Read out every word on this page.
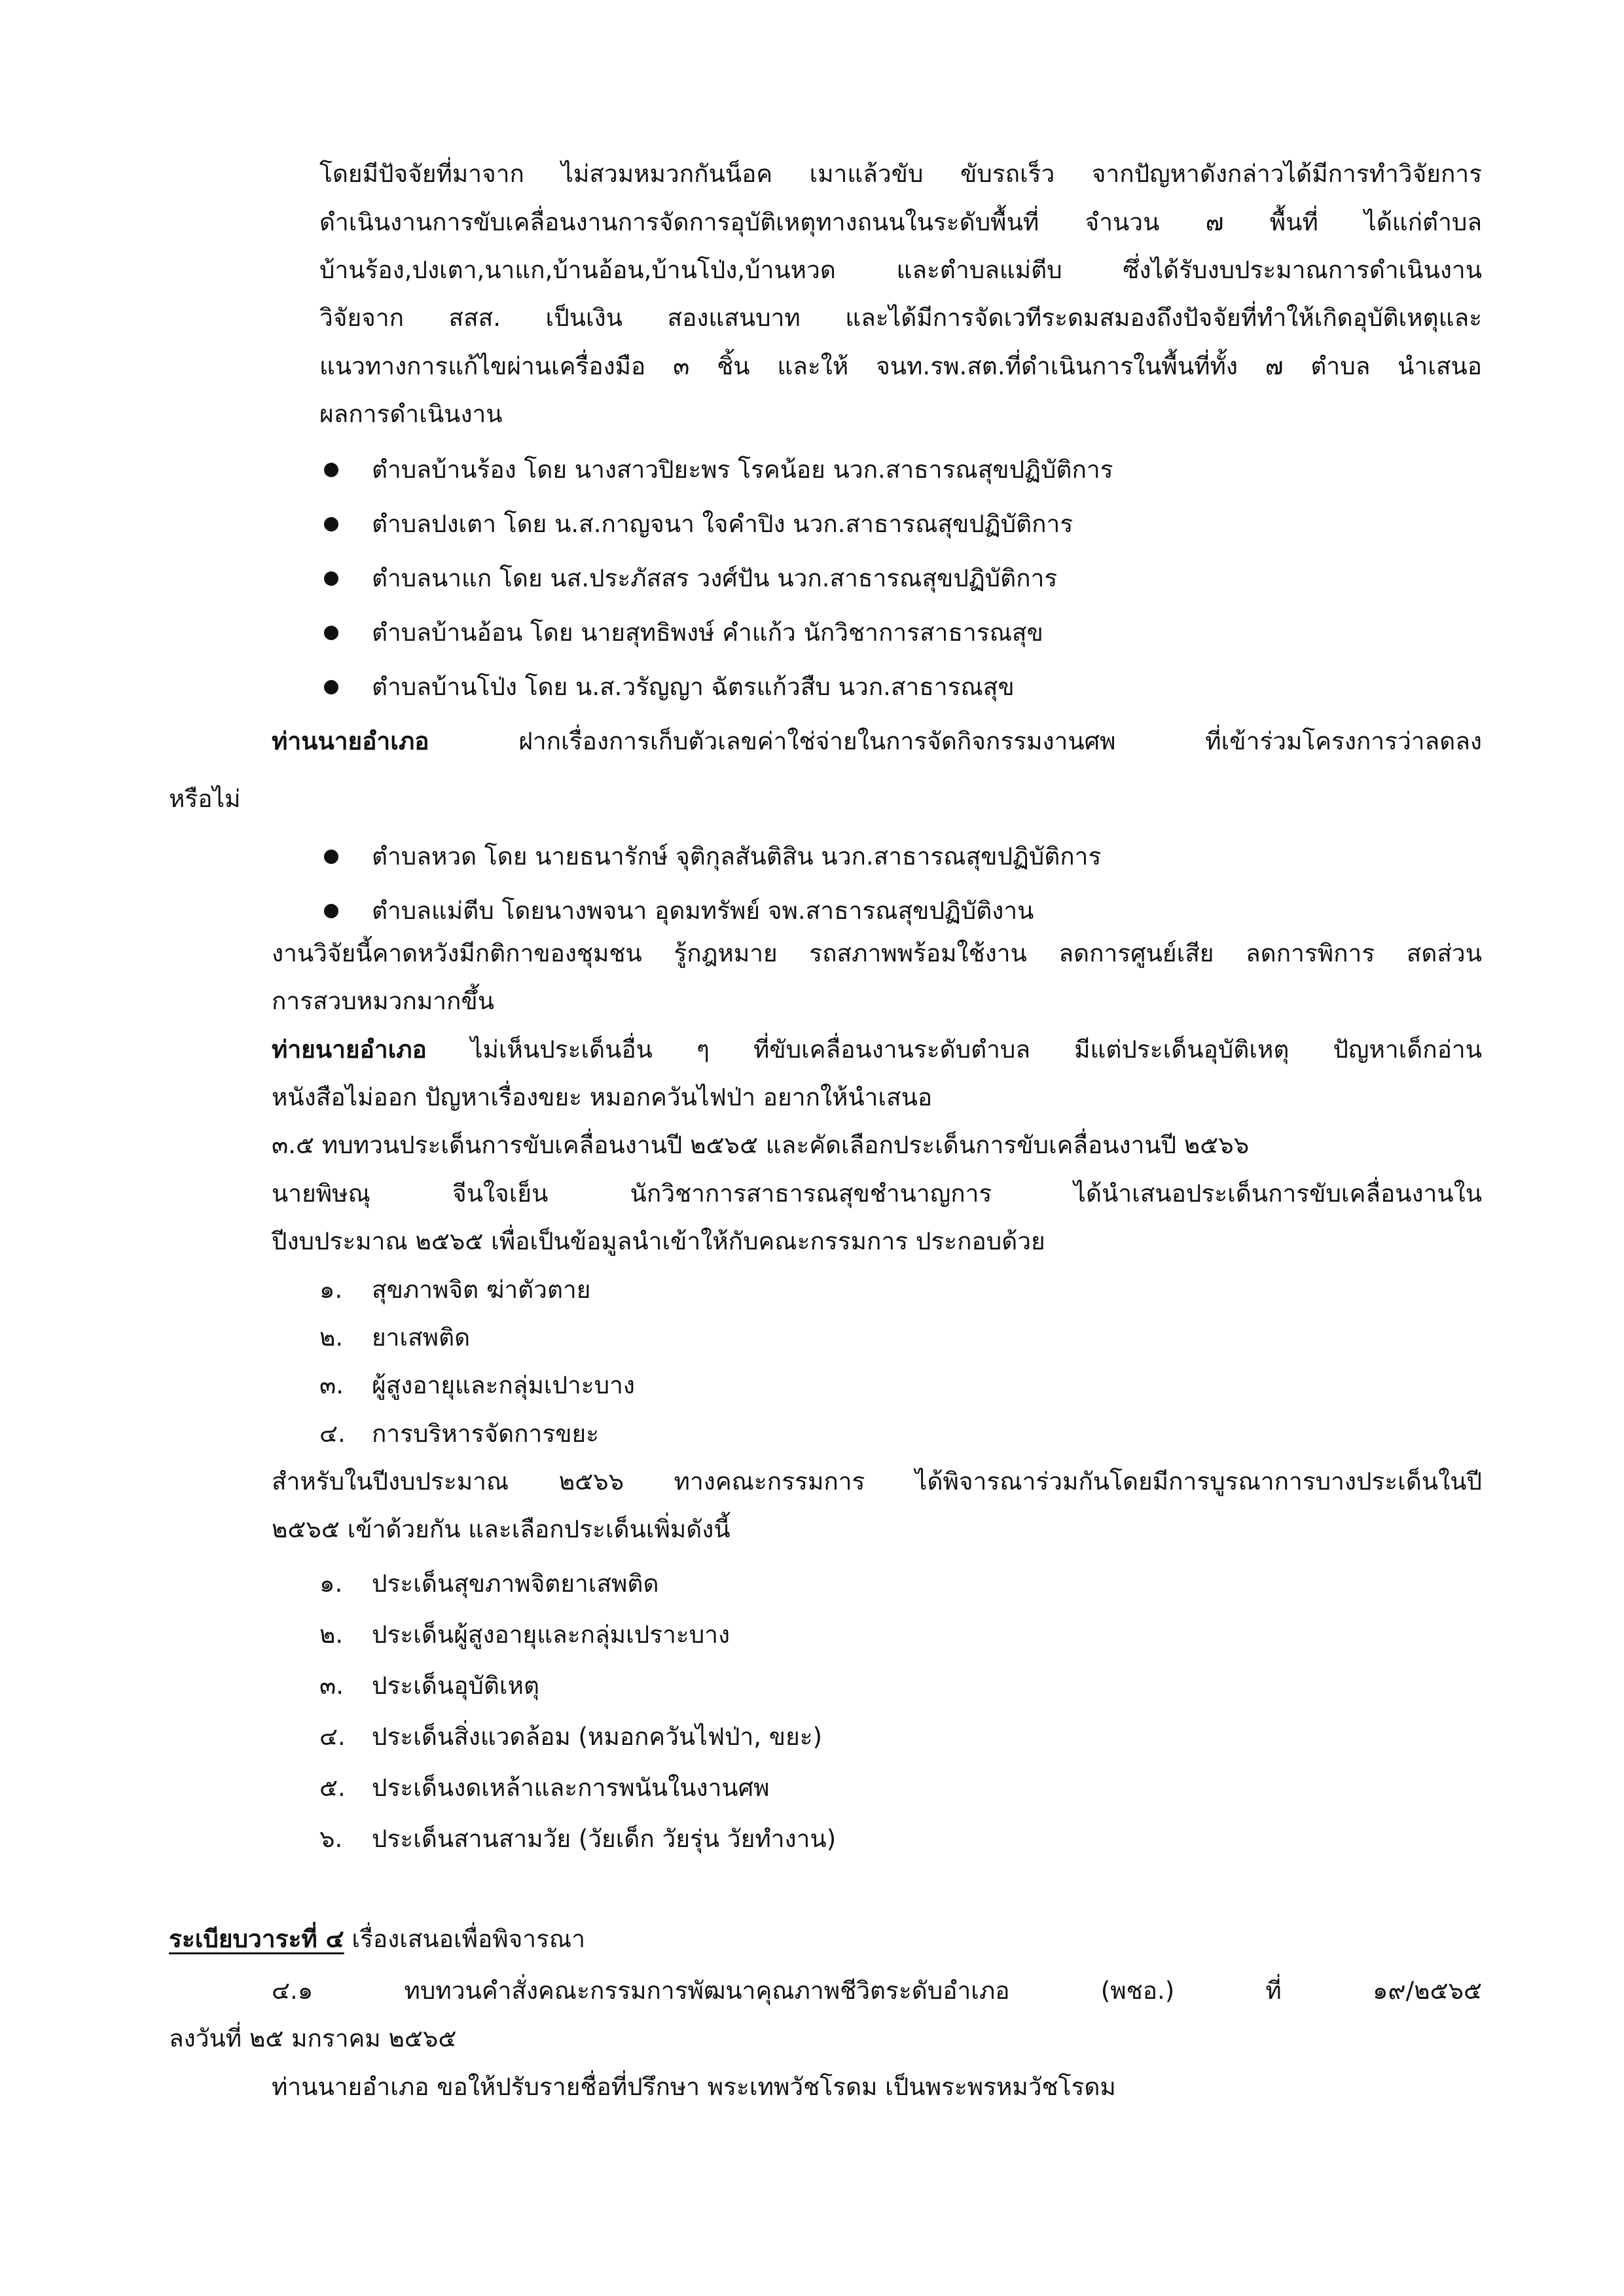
โดยมีปัจจัยที่มาจาก ไม่สวมหมวกกันน็อค เมาแล้วขับ ขับรถเร็ว จากปัญหาดังกล่าวได้มีการทำวิจัยการ
ดำเนินงานการขับเคลื่อนงานการจัดการอุบัติเหตุทางถนนในระดับพื้นที่ จำนวน ๗ พื้นที่ ได้แก่ตำบล
บ้านร้อง,ปงเตา,นาแก,บ้านอ้อน,บ้านโป่ง,บ้านหวด และตำบลแม่ตีบ ซึ่งได้รับงบประมาณการดำเนินงาน
วิจัยจาก สสส. เป็นเงิน สองแสนบาท และได้มีการจัดเวทีระดมสมองถึงปัจจัยที่ทำให้เกิดอุบัติเหตุและ
แนวทางการแก้ไขผ่านเครื่องมือ ๓ ชิ้น และให้ จนท.รพ.สต.ที่ดำเนินการในพื้นที่ทั้ง ๗ ตำบล นำเสนอ
ผลการดำเนินงาน
ตำบลบ้านร้อง โดย นางสาวปิยะพร โรคน้อย นวก.สาธารณสุขปฏิบัติการ
ตำบลปงเตา โดย น.ส.กาญจนา ใจคำปิง นวก.สาธารณสุขปฏิบัติการ
ตำบลนาแก โดย นส.ประภัสสร วงศ์ปัน นวก.สาธารณสุขปฏิบัติการ
ตำบลบ้านอ้อน โดย นายสุทธิพงษ์ คำแก้ว นักวิชาการสาธารณสุข
ตำบลบ้านโป่ง โดย น.ส.วรัญญา ฉัตรแก้วสืบ นวก.สาธารณสุข
ท่านนายอำเภอ ฝากเรื่องการเก็บตัวเลขค่าใช่จ่ายในการจัดกิจกรรมงานศพ ที่เข้าร่วมโครงการว่าลดลง
หรือไม่
ตำบลหวด โดย นายธนารักษ์ จุติกุลสันติสิน นวก.สาธารณสุขปฏิบัติการ
ตำบลแม่ตีบ โดยนางพจนา อุดมทรัพย์ จพ.สาธารณสุขปฏิบัติงาน
งานวิจัยนี้คาดหวังมีกติกาของชุมชน รู้กฎหมาย รถสภาพพร้อมใช้งาน ลดการศูนย์เสีย ลดการพิการ สดส่วน
การสวบหมวกมากขึ้น
ท่ายนายอำเภอ ไม่เห็นประเด็นอื่น ๆ ที่ขับเคลื่อนงานระดับตำบล มีแต่ประเด็นอุบัติเหตุ ปัญหาเด็กอ่าน
หนังสือไม่ออก ปัญหาเรื่องขยะ หมอกควันไฟป่า อยากให้นำเสนอ
๓.๕ ทบทวนประเด็นการขับเคลื่อนงานปี ๒๕๖๕ และคัดเลือกประเด็นการขับเคลื่อนงานปี ๒๕๖๖
นายพิษณุ จีนใจเย็น นักวิชาการสาธารณสุขชำนาญการ ได้นำเสนอประเด็นการขับเคลื่อนงานใน
ปีงบประมาณ ๒๕๖๕ เพื่อเป็นข้อมูลนำเข้าให้กับคณะกรรมการ ประกอบด้วย
๑. สุขภาพจิต ฆ่าตัวตาย
๒. ยาเสพติด
๓. ผู้สูงอายุและกลุ่มเปาะบาง
๔. การบริหารจัดการขยะ
สำหรับในปีงบประมาณ ๒๕๖๖ ทางคณะกรรมการ ได้พิจารณาร่วมกันโดยมีการบูรณาการบางประเด็นในปี
๒๕๖๕ เข้าด้วยกัน และเลือกประเด็นเพิ่มดังนี้
๑. ประเด็นสุขภาพจิตยาเสพติด
๒. ประเด็นผู้สูงอายุและกลุ่มเปราะบาง
๓. ประเด็นอุบัติเหตุ
๔. ประเด็นสิ่งแวดล้อม (หมอกควันไฟป่า, ขยะ)
๕. ประเด็นงดเหล้าและการพนันในงานศพ
๖. ประเด็นสานสามวัย (วัยเด็ก วัยรุ่น วัยทำงาน)
ระเบียบวาระที่ ๔ เรื่องเสนอเพื่อพิจารณา
๔.๑ ทบทวนคำสั่งคณะกรรมการพัฒนาคุณภาพชีวิตระดับอำเภอ (พชอ.) ที่ ๑๙/๒๕๖๕
ลงวันที่ ๒๕ มกราคม ๒๕๖๕
ท่านนายอำเภอ ขอให้ปรับรายชื่อที่ปรึกษา พระเทพวัชโรดม เป็นพระพรหมวัชโรดม
